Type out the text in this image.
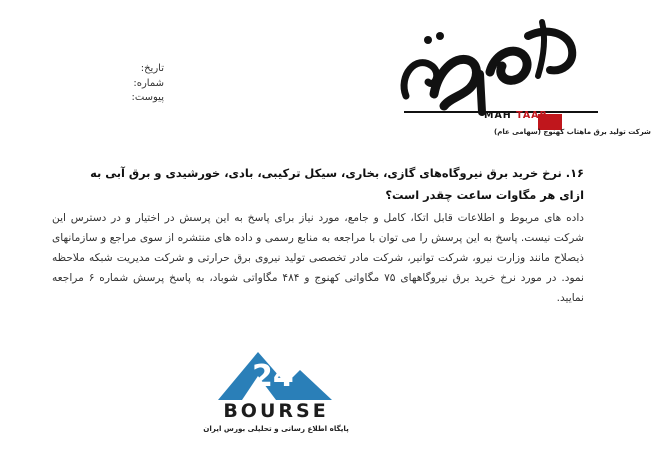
تاریخ:
شماره:
پیوست:
MAH TAAB
شرکت تولید برق ماهتاب کهنوج (سهامی عام)
۱۶. نرخ خرید برق نیروگاه‌های گازی، بخاری، سیکل ترکیبی، بادی، خورشیدی و برق آبی به ازای هر مگاوات ساعت چقدر است؟
داده های مربوط و اطلاعات قابل اتکا، کامل و جامع، مورد نیاز برای پاسخ به این پرسش در اختیار و در دسترس این شرکت نیست. پاسخ به این پرسش را می توان با مراجعه به منابع رسمی و داده های منتشره از سوی مراجع و سازمانهای ذیصلاح مانند وزارت نیرو، شرکت توانیر، شرکت مادر تخصصی تولید نیروی برق حرارتی و شرکت مدیریت شبکه ملاحظه نمود. در مورد نرخ خرید برق نیروگاههای ۷۵ مگاواتی کهنوج و ۴۸۴ مگاواتی شوباد، به پاسخ پرسش شماره ۶ مراجعه نمایید.
24
BOURSE
پایگاه اطلاع رسانی و تحلیلی بورس ایران
